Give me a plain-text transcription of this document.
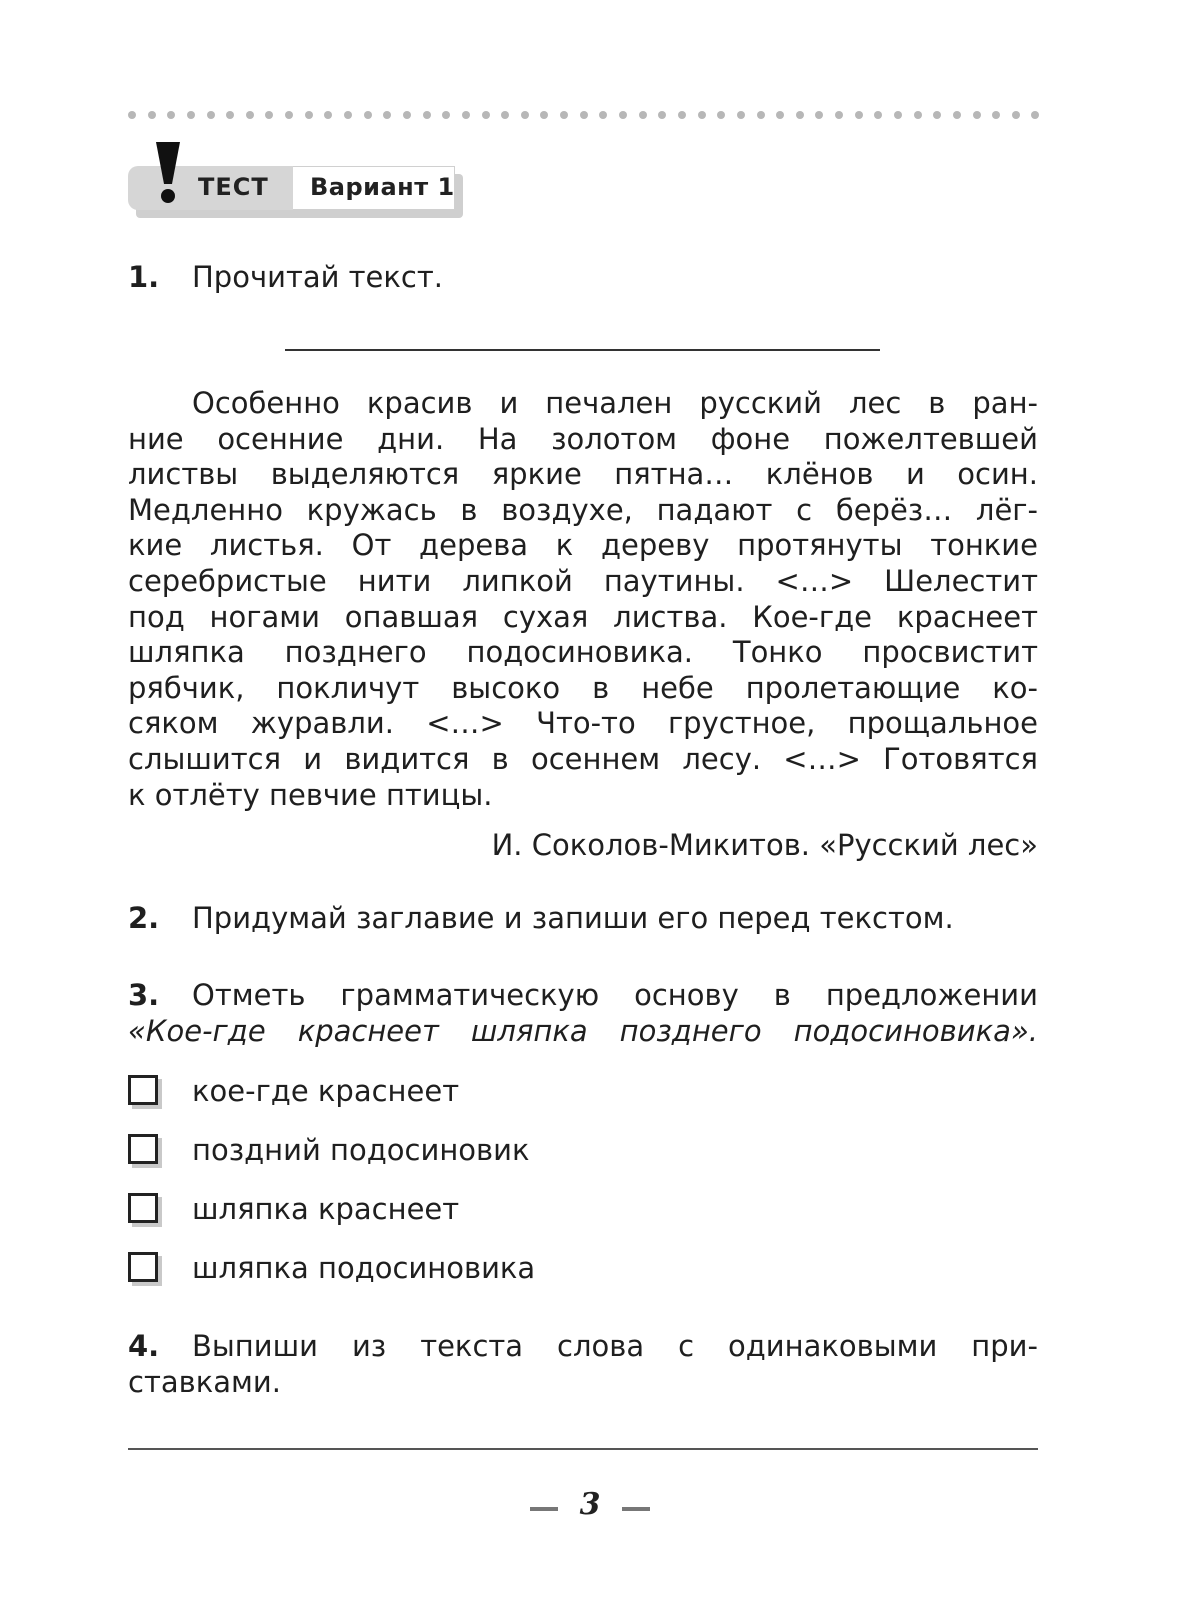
ТЕСТ Вариант 1
1. Прочитай текст.
Особенно красив и печален русский лес в ран-
ние осенние дни. На золотом фоне пожелтевшей
листвы выделяются яркие пятна… клёнов и осин.
Медленно кружась в воздухе, падают с берёз… лёг-
кие листья. От дерева к дереву протянуты тонкие
серебристые нити липкой паутины. <…> Шелестит
под ногами опавшая сухая листва. Кое-где краснеет
шляпка позднего подосиновика. Тонко просвистит
рябчик, покличут высоко в небе пролетающие ко-
сяком журавли. <…> Что-то грустное, прощальное
слышится и видится в осеннем лесу. <…> Готовятся
к отлёту певчие птицы.
И. Соколов-Микитов. «Русский лес»
2. Придумай заглавие и запиши его перед текстом.
3. Отметь грамматическую основу в предложении
«Кое-где краснеет шляпка позднего подосиновика».
кое-где краснеет
поздний подосиновик
шляпка краснеет
шляпка подосиновика
4. Выпиши из текста слова с одинаковыми при-
ставками.
3
